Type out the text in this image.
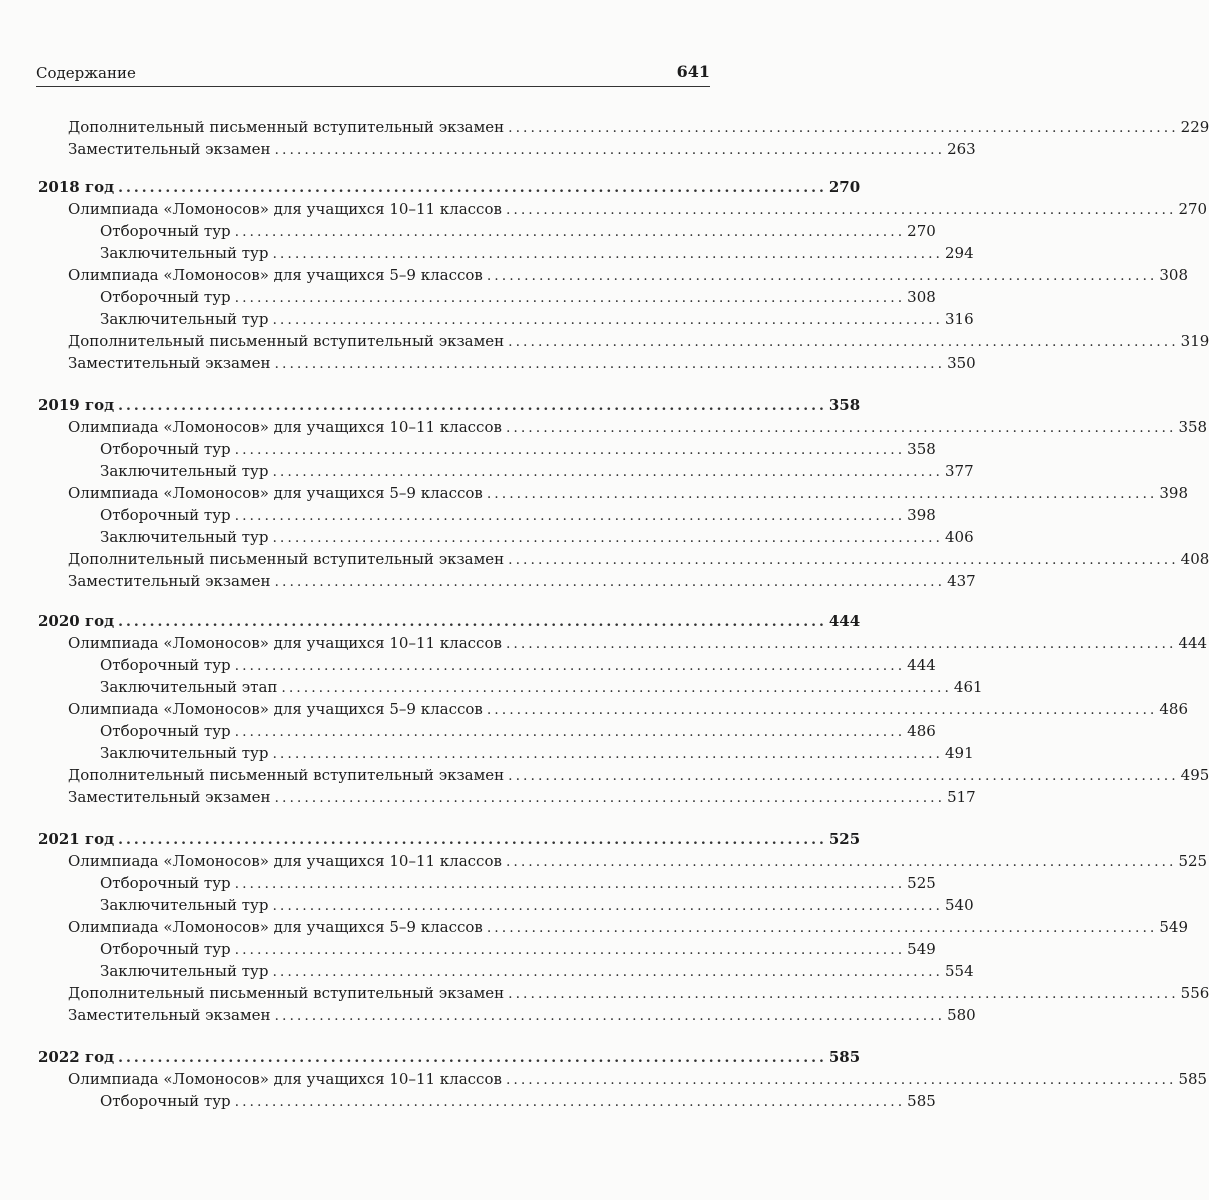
Содержание	641
Дополнительный письменный вступительный экзамен .......................................................................................... 229
Заместительный экзамен .......................................................................................... 263
2018 год .......................................................................................... 270
Олимпиада «Ломоносов» для учащихся 10–11 классов .......................................................................................... 270
Отборочный тур .......................................................................................... 270
Заключительный тур .......................................................................................... 294
Олимпиада «Ломоносов» для учащихся 5–9 классов .......................................................................................... 308
Отборочный тур .......................................................................................... 308
Заключительный тур .......................................................................................... 316
Дополнительный письменный вступительный экзамен .......................................................................................... 319
Заместительный экзамен .......................................................................................... 350
2019 год .......................................................................................... 358
Олимпиада «Ломоносов» для учащихся 10–11 классов .......................................................................................... 358
Отборочный тур .......................................................................................... 358
Заключительный тур .......................................................................................... 377
Олимпиада «Ломоносов» для учащихся 5–9 классов .......................................................................................... 398
Отборочный тур .......................................................................................... 398
Заключительный тур .......................................................................................... 406
Дополнительный письменный вступительный экзамен .......................................................................................... 408
Заместительный экзамен .......................................................................................... 437
2020 год .......................................................................................... 444
Олимпиада «Ломоносов» для учащихся 10–11 классов .......................................................................................... 444
Отборочный тур .......................................................................................... 444
Заключительный этап .......................................................................................... 461
Олимпиада «Ломоносов» для учащихся 5–9 классов .......................................................................................... 486
Отборочный тур .......................................................................................... 486
Заключительный тур .......................................................................................... 491
Дополнительный письменный вступительный экзамен .......................................................................................... 495
Заместительный экзамен .......................................................................................... 517
2021 год .......................................................................................... 525
Олимпиада «Ломоносов» для учащихся 10–11 классов .......................................................................................... 525
Отборочный тур .......................................................................................... 525
Заключительный тур .......................................................................................... 540
Олимпиада «Ломоносов» для учащихся 5–9 классов .......................................................................................... 549
Отборочный тур .......................................................................................... 549
Заключительный тур .......................................................................................... 554
Дополнительный письменный вступительный экзамен .......................................................................................... 556
Заместительный экзамен .......................................................................................... 580
2022 год .......................................................................................... 585
Олимпиада «Ломоносов» для учащихся 10–11 классов .......................................................................................... 585
Отборочный тур .......................................................................................... 585
